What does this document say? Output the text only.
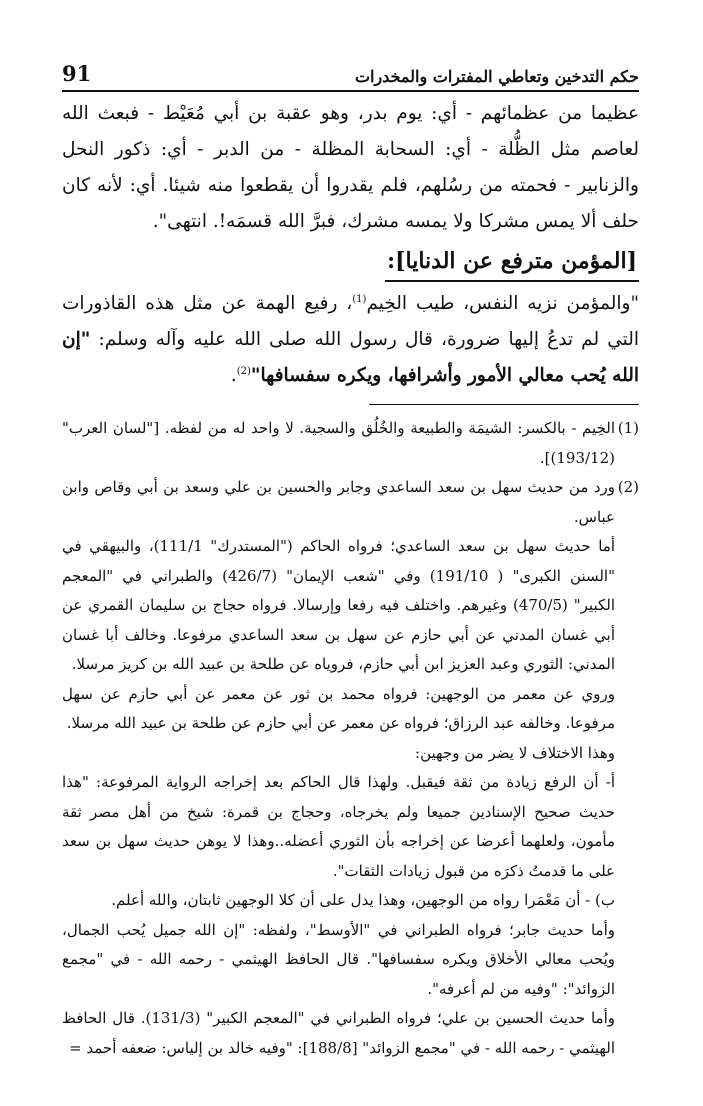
91	حكم التدخين وتعاطي المفترات والمخدرات

عظيما من عظمائهم - أي: يوم بدر، وهو عقبة بن أبي مُعَيْط - فبعث الله لعاصم مثل الظُّلة - أي: السحابة المظلة - من الدبر - أي: ذكور النحل والزنابير - فحمته من رسُلهم، فلم يقدروا أن يقطعوا منه شيئا. أي: لأنه كان حلف ألا يمس مشركا ولا يمسه مشرك، فبرَّ الله قسمَه!. انتهى".

[المؤمن مترفع عن الدنايا]:

"والمؤمن نزيه النفس، طيب الخِيم$^{(1)}$، رفيع الهمة عن مثل هذه القاذورات التي لم تدعُ إليها ضرورة، قال رسول الله صلى الله عليه وآله وسلم: "إن الله يُحب معالي الأمور وأشرافها، ويكره سفسافها"$^{(2)}$.

(1)
الخِيم - بالكسر: الشيمَة والطبيعة والخُلُق والسجية. لا واحد له من لفظه. ["لسان العرب" (193/12)].
(2)
ورد من حديث سهل بن سعد الساعدي وجابر والحسين بن علي وسعد بن أبي وقاص وابن عباس.

أما حديث سهل بن سعد الساعدي؛ فرواه الحاكم ("المستدرك" 111/1)، والبيهقي في "السنن الكبرى" ( 191/10) وفي "شعب الإيمان" (426/7) والطبراني في "المعجم الكبير" (470/5) وغيرهم. واختلف فيه رفعا وإرسالا. فرواه حجاج بن سليمان القمري عن أبي غسان المدني عن أبي حازم عن سهل بن سعد الساعدي مرفوعا. وخالف أبا غسان المدني: الثوري وعبد العزيز ابن أبي حازم، فروياه عن طلحة بن عبيد الله بن كريز مرسلا.

وروي عن معمر من الوجهين: فرواه محمد بن ثور عن معمر عن أبي حازم عن سهل مرفوعا. وخالفه عبد الرزاق؛ فرواه عن معمر عن أبي حازم عن طلحة بن عبيد الله مرسلا.

وهذا الاختلاف لا يضر من وجهين:

أ- أن الرفع زيادة من ثقة فيقبل. ولهذا قال الحاكم بعد إخراجه الرواية المرفوعة: "هذا حديث صحيح الإسنادين جميعا ولم يخرجاه، وحجاج بن قمرة: شيخ من أهل مصر ثقة مأمون، ولعلهما أعرضا عن إخراجه بأن الثوري أعضله..وهذا لا يوهن حديث سهل بن سعد على ما قدمتُ ذكرَه من قبول زيادات الثقات".

ب) - أن مَعْمَرا رواه من الوجهين، وهذا يدل على أن كلا الوجهين ثابتان، والله أعلم.

وأما حديث جابر؛ فرواه الطبراني في "الأوسط"، ولفظه: "إن الله جميل يُحب الجمال، ويُحب معالي الأخلاق ويكره سفسافها". قال الحافظ الهيثمي - رحمه الله - في "مجمع الزوائد": "وفيه من لم أعرفه".

وأما حديث الحسين بن علي؛ فرواه الطبراني في "المعجم الكبير" (131/3). قال الحافظ الهيثمي - رحمه الله - في "مجمع الزوائد" [188/8]: "وفيه خالد بن إلياس: ضعفه أحمد =
